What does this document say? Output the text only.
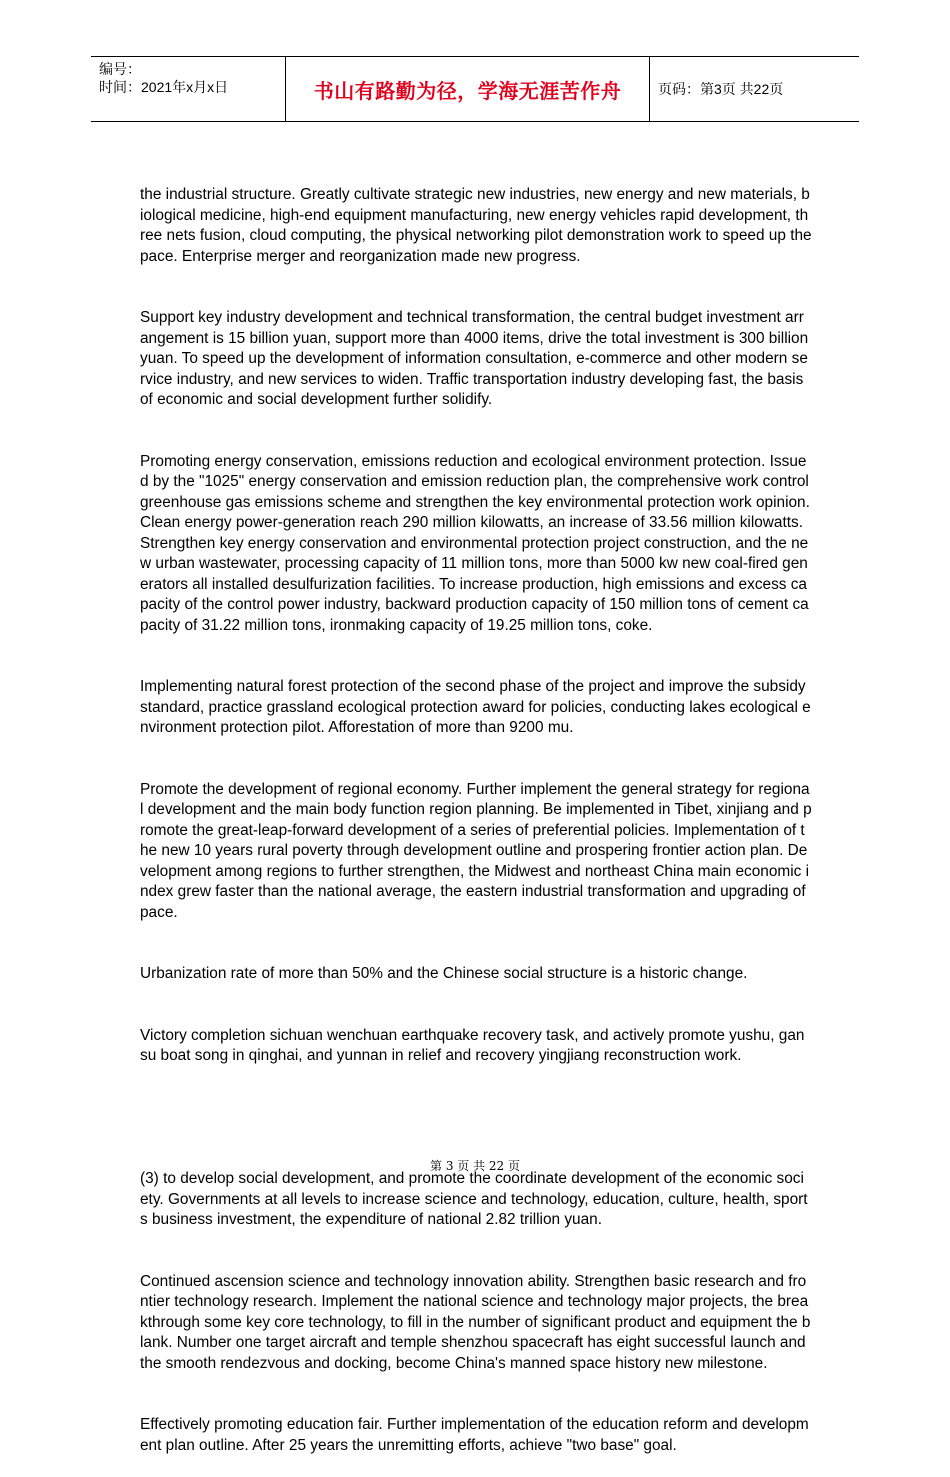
编号：
时间：2021年x月x日	书山有路勤为径，学海无涯苦作舟	页码：第3页 共22页

the industrial structure. Greatly cultivate strategic new industries, new energy and new materials, biological medicine, high-end equipment manufacturing, new energy vehicles rapid development, three nets fusion, cloud computing, the physical networking pilot demonstration work to speed up the pace. Enterprise merger and reorganization made new progress.

Support key industry development and technical transformation, the central budget investment arrangement is 15 billion yuan, support more than 4000 items, drive the total investment is 300 billion yuan. To speed up the development of information consultation, e-commerce and other modern service industry, and new services to widen. Traffic transportation industry developing fast, the basis of economic and social development further solidify.

Promoting energy conservation, emissions reduction and ecological environment protection. Issued by the "1025" energy conservation and emission reduction plan, the comprehensive work control greenhouse gas emissions scheme and strengthen the key environmental protection work opinion. Clean energy power-generation reach 290 million kilowatts, an increase of 33.56 million kilowatts. Strengthen key energy conservation and environmental protection project construction, and the new urban wastewater, processing capacity of 11 million tons, more than 5000 kw new coal-fired generators all installed desulfurization facilities. To increase production, high emissions and excess capacity of the control power industry, backward production capacity of 150 million tons of cement capacity of 31.22 million tons, ironmaking capacity of 19.25 million tons, coke.

Implementing natural forest protection of the second phase of the project and improve the subsidy standard, practice grassland ecological protection award for policies, conducting lakes ecological environment protection pilot. Afforestation of more than 9200 mu.

Promote the development of regional economy. Further implement the general strategy for regional development and the main body function region planning. Be implemented in Tibet, xinjiang and promote the great-leap-forward development of a series of preferential policies. Implementation of the new 10 years rural poverty through development outline and prospering frontier action plan. Development among regions to further strengthen, the Midwest and northeast China main economic index grew faster than the national average, the eastern industrial transformation and upgrading of pace.

Urbanization rate of more than 50% and the Chinese social structure is a historic change.

Victory completion sichuan wenchuan earthquake recovery task, and actively promote yushu, gansu boat song in qinghai, and yunnan in relief and recovery yingjiang reconstruction work.

(3) to develop social development, and promote the coordinate development of the economic society. Governments at all levels to increase science and technology, education, culture, health, sports business investment, the expenditure of national 2.82 trillion yuan.

Continued ascension science and technology innovation ability. Strengthen basic research and frontier technology research. Implement the national science and technology major projects, the breakthrough some key core technology, to fill in the number of significant product and equipment the blank. Number one target aircraft and temple shenzhou spacecraft has eight successful launch and the smooth rendezvous and docking, become China's manned space history new milestone.

Effectively promoting education fair. Further implementation of the education reform and development plan outline. After 25 years the unremitting efforts, achieve "two base" goal.

第 3 页 共 22 页
